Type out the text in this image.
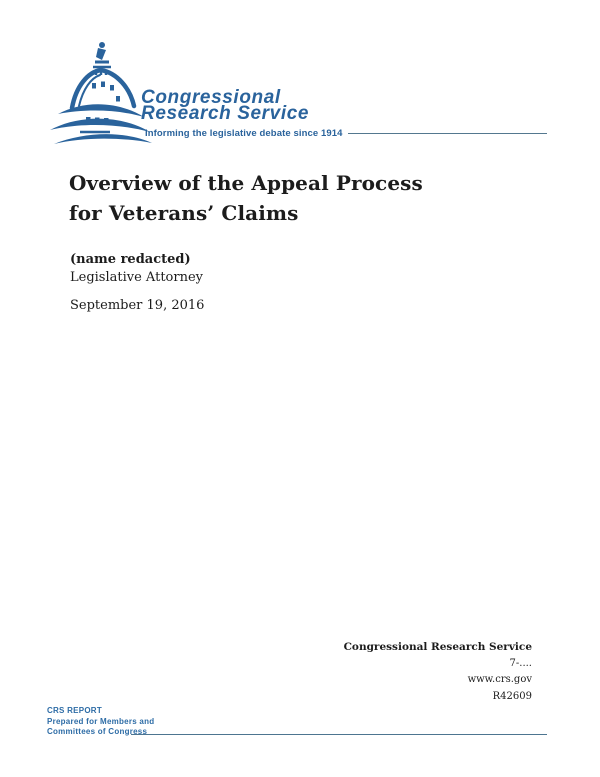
Congressional
Research Service
Informing the legislative debate since 1914
Overview of the Appeal Process
for Veterans’ Claims
(name redacted)
Legislative Attorney
September 19, 2016
Congressional Research Service
7-....
www.crs.gov
R42609
CRS REPORT
Prepared for Members and
Committees of Congress
